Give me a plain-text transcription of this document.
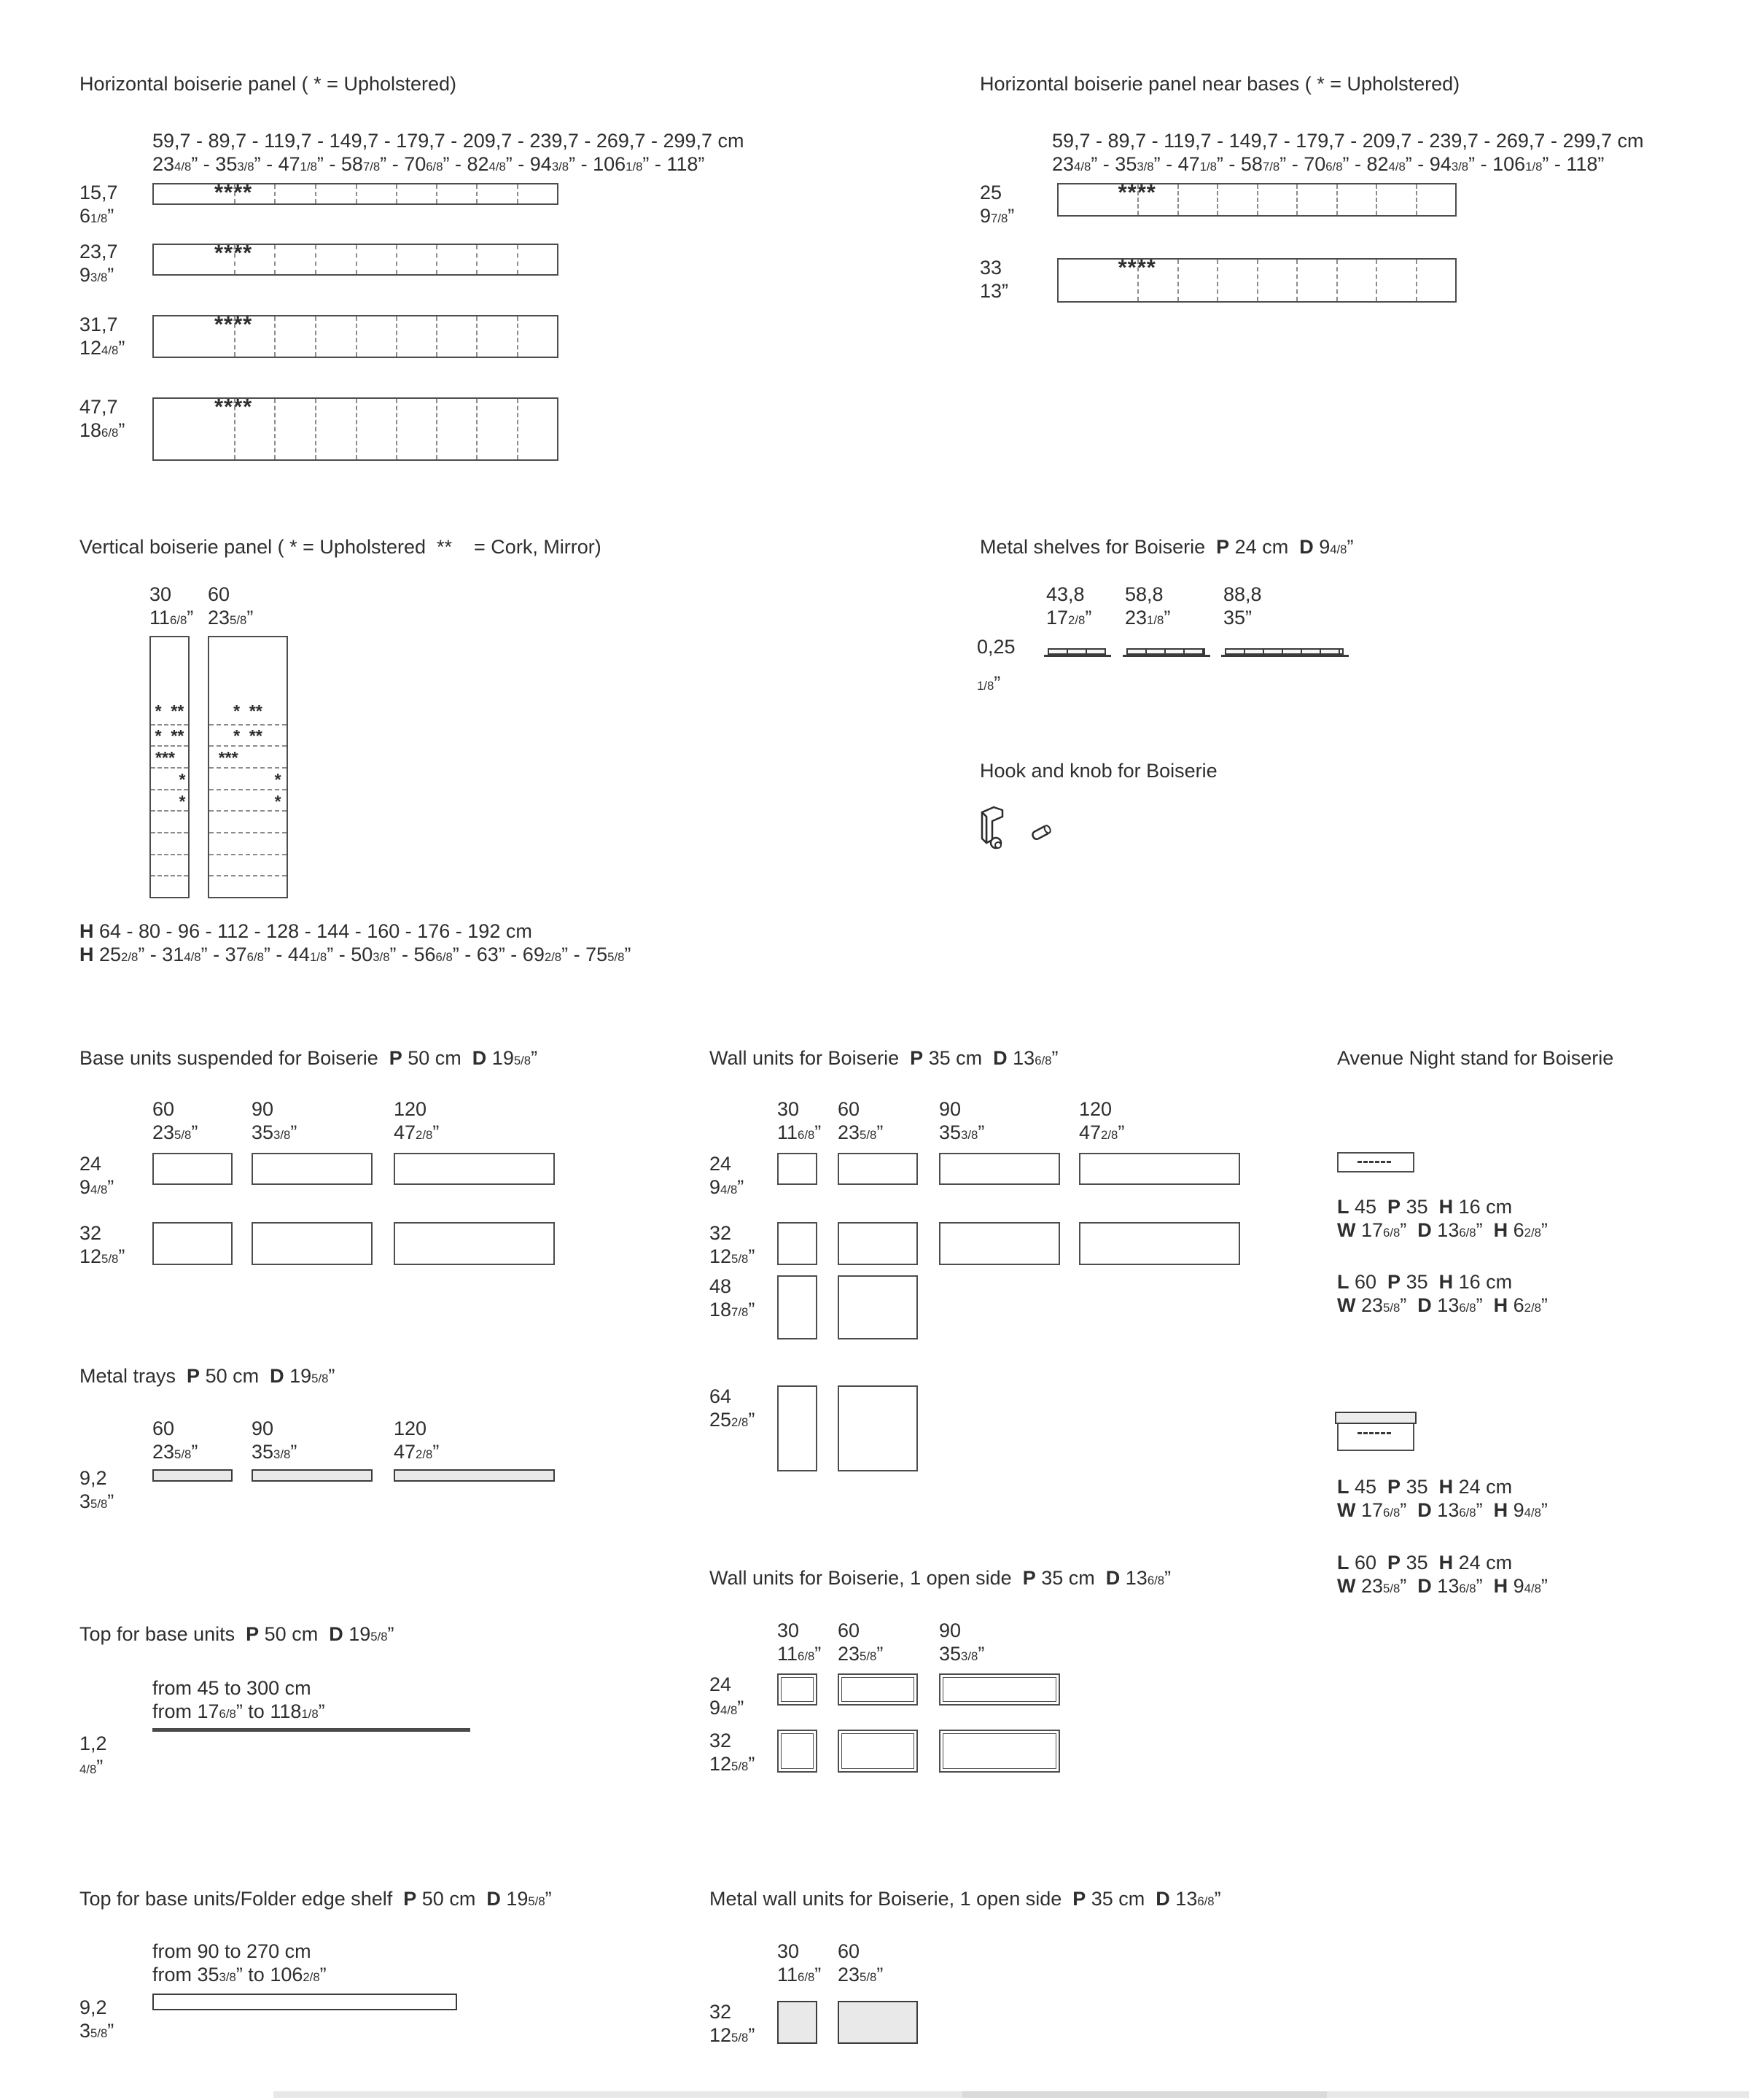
Horizontal boiserie panel ( * = Upholstered)
59,7 - 89,7 - 119,7 - 149,7 - 179,7 - 209,7 - 239,7 - 269,7 - 299,7 cm
234/8” - 353/8” - 471/8” - 587/8” - 706/8” - 824/8” - 943/8” - 1061/8” - 118”
15,7
61/8”
****
23,7
93/8”
****
31,7
124/8”
****
47,7
186/8”
****
Horizontal boiserie panel near bases ( * = Upholstered)
59,7 - 89,7 - 119,7 - 149,7 - 179,7 - 209,7 - 239,7 - 269,7 - 299,7 cm
234/8” - 353/8” - 471/8” - 587/8” - 706/8” - 824/8” - 943/8” - 1061/8” - 118”
25
97/8”
****
33
13”
****
Vertical boiserie panel ( * = Upholstered  **    = Cork, Mirror)
30
116/8”
60
235/8”
*  **
*  **
***
*
*
*  **
*  **
***
*
*
H 64 - 80 - 96 - 112 - 128 - 144 - 160 - 176 - 192 cm
H 252/8” - 314/8” - 376/8” - 441/8” - 503/8” - 566/8” - 63” - 692/8” - 755/8”
Metal shelves for Boiserie  P 24 cm  D 94/8”
43,8
172/8”
58,8
231/8”
88,8
35”
0,25
1/8”
Hook and knob for Boiserie
Base units suspended for Boiserie  P 50 cm  D 195/8”
60
235/8”
90
353/8”
120
472/8”
24
94/8”
32
125/8”
Metal trays  P 50 cm  D 195/8”
60
235/8”
90
353/8”
120
472/8”
9,2
35/8”
Top for base units  P 50 cm  D 195/8”
from 45 to 300 cm
from 176/8” to 1181/8”
1,2
4/8”
Top for base units/Folder edge shelf  P 50 cm  D 195/8”
from 90 to 270 cm
from 353/8” to 1062/8”
9,2
35/8”
Wall units for Boiserie  P 35 cm  D 136/8”
30
116/8”
60
235/8”
90
353/8”
120
472/8”
24
94/8”
32
125/8”
48
187/8”
64
252/8”
Wall units for Boiserie, 1 open side  P 35 cm  D 136/8”
30
116/8”
60
235/8”
90
353/8”
24
94/8”
32
125/8”
Metal wall units for Boiserie, 1 open side  P 35 cm  D 136/8”
30
116/8”
60
235/8”
32
125/8”
Avenue Night stand for Boiserie
L 45  P 35  H 16 cm
W 176/8”  D 136/8”  H 62/8”
L 60  P 35  H 16 cm
W 235/8”  D 136/8”  H 62/8”
L 45  P 35  H 24 cm
W 176/8”  D 136/8”  H 94/8”
L 60  P 35  H 24 cm
W 235/8”  D 136/8”  H 94/8”
